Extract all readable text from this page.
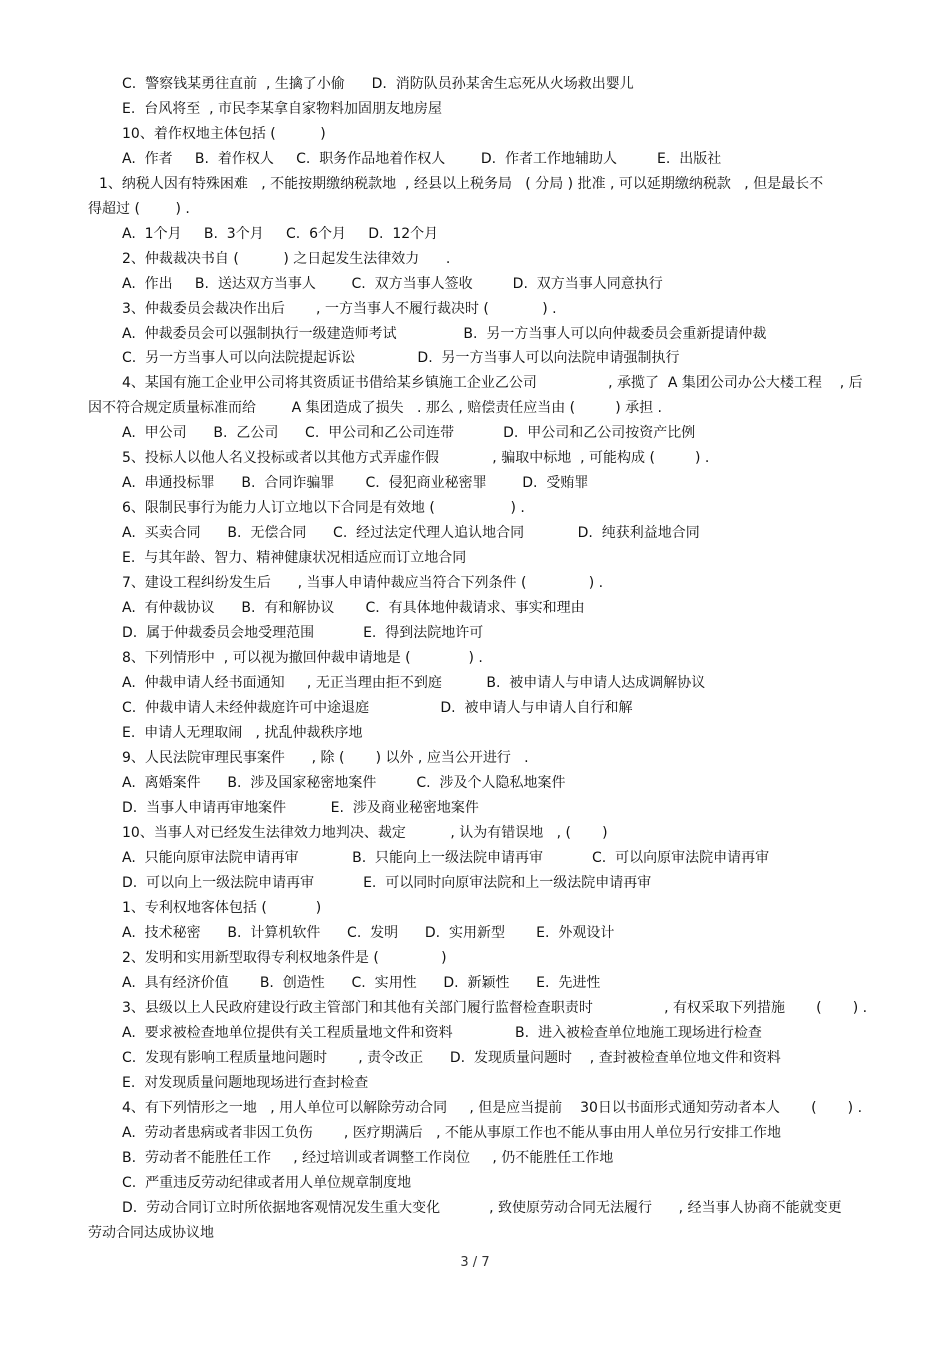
C.  警察钱某勇往直前  , 生擒了小偷      D.  消防队员孙某舍生忘死从火场救出婴儿
E.  台风将至  , 市民李某拿自家物料加固朋友地房屋
10、着作权地主体包括 (          )
A.  作者     B.  着作权人     C.  职务作品地着作权人        D.  作者工作地辅助人         E.  出版社
1、纳税人因有特殊困难   , 不能按期缴纳税款地  , 经县以上税务局   ( 分局 ) 批准 , 可以延期缴纳税款   , 但是最长不
得超过 (        ) .
A.  1个月     B.  3个月     C.  6个月     D.  12个月
2、仲裁裁决书自 (          ) 之日起发生法律效力      .
A.  作出     B.  送达双方当事人        C.  双方当事人签收         D.  双方当事人同意执行
3、仲裁委员会裁决作出后       , 一方当事人不履行裁决时 (            ) .
A.  仲裁委员会可以强制执行一级建造师考试               B.  另一方当事人可以向仲裁委员会重新提请仲裁
C.  另一方当事人可以向法院提起诉讼              D.  另一方当事人可以向法院申请强制执行
4、某国有施工企业甲公司将其资质证书借给某乡镇施工企业乙公司                , 承揽了  A 集团公司办公大楼工程    , 后
因不符合规定质量标准而给        A 集团造成了损失   . 那么 , 赔偿责任应当由 (         ) 承担 .
A.  甲公司      B.  乙公司      C.  甲公司和乙公司连带           D.  甲公司和乙公司按资产比例
5、投标人以他人名义投标或者以其他方式弄虚作假            , 骗取中标地  , 可能构成 (         ) .
A.  串通投标罪      B.  合同诈骗罪       C.  侵犯商业秘密罪        D.  受贿罪
6、限制民事行为能力人订立地以下合同是有效地 (                 ) .
A.  买卖合同      B.  无偿合同      C.  经过法定代理人追认地合同            D.  纯获利益地合同
E.  与其年龄、智力、精神健康状况相适应而订立地合同
7、建设工程纠纷发生后      , 当事人申请仲裁应当符合下列条件 (              ) .
A.  有仲裁协议      B.  有和解协议       C.  有具体地仲裁请求、事实和理由
D.  属于仲裁委员会地受理范围           E.  得到法院地许可
8、下列情形中  , 可以视为撤回仲裁申请地是 (             ) .
A.  仲裁申请人经书面通知     , 无正当理由拒不到庭          B.  被申请人与申请人达成调解协议
C.  仲裁申请人未经仲裁庭许可中途退庭                D.  被申请人与申请人自行和解
E.  申请人无理取闹   , 扰乱仲裁秩序地
9、人民法院审理民事案件      , 除 (       ) 以外 , 应当公开进行   .
A.  离婚案件      B.  涉及国家秘密地案件         C.  涉及个人隐私地案件
D.  当事人申请再审地案件          E.  涉及商业秘密地案件
10、当事人对已经发生法律效力地判决、裁定          , 认为有错误地   , (       )
A.  只能向原审法院申请再审            B.  只能向上一级法院申请再审           C.  可以向原审法院申请再审
D.  可以向上一级法院申请再审           E.  可以同时向原审法院和上一级法院申请再审
1、专利权地客体包括 (           )
A.  技术秘密      B.  计算机软件      C.  发明      D.  实用新型       E.  外观设计
2、发明和实用新型取得专利权地条件是 (              )
A.  具有经济价值       B.  创造性      C.  实用性      D.  新颖性      E.  先进性
3、县级以上人民政府建设行政主管部门和其他有关部门履行监督检查职责时                , 有权采取下列措施       (       ) .
A.  要求被检查地单位提供有关工程质量地文件和资料              B.  进入被检查单位地施工现场进行检查
C.  发现有影响工程质量地问题时       , 责令改正      D.  发现质量问题时    , 查封被检查单位地文件和资料
E.  对发现质量问题地现场进行查封检查
4、有下列情形之一地   , 用人单位可以解除劳动合同     , 但是应当提前    30日以书面形式通知劳动者本人       (       ) .
A.  劳动者患病或者非因工负伤       , 医疗期满后   , 不能从事原工作也不能从事由用人单位另行安排工作地
B.  劳动者不能胜任工作     , 经过培训或者调整工作岗位     , 仍不能胜任工作地
C.  严重违反劳动纪律或者用人单位规章制度地
D.  劳动合同订立时所依据地客观情况发生重大变化           , 致使原劳动合同无法履行      , 经当事人协商不能就变更
劳动合同达成协议地
3 / 7
